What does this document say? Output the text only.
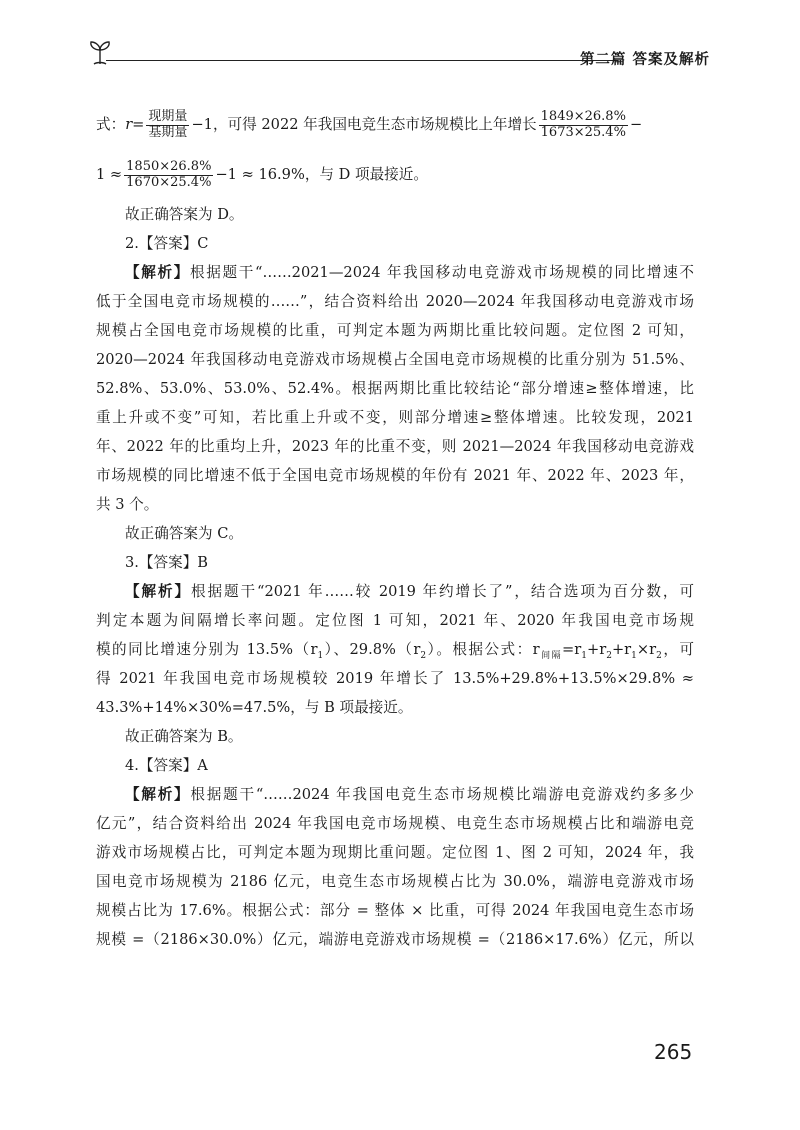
第二篇 答案及解析
式：$r= \frac{\text{现期量}}{\text{基期量}} -1$，可得 2022 年我国电竞生态市场规模比上年增长 $\frac{1849\times 26.8\%}{1673\times 25.4\%}$ −
$1 \approx \frac{1850\times 26.8\%}{1670\times 25.4\%} -1 \approx 16.9\%$，与 D 项最接近。
故正确答案为 D。
2.【答案】C
【解析】根据题干“……2021—2024 年我国移动电竞游戏市场规模的同比增速不
低于全国电竞市场规模的……”，结合资料给出 2020—2024 年我国移动电竞游戏市场
规模占全国电竞市场规模的比重，可判定本题为两期比重比较问题。定位图 2 可知，
2020—2024 年我国移动电竞游戏市场规模占全国电竞市场规模的比重分别为 51.5%、
52.8%、53.0%、53.0%、52.4%。根据两期比重比较结论“部分增速≥整体增速，比
重上升或不变”可知，若比重上升或不变，则部分增速≥整体增速。比较发现，2021
年、2022 年的比重均上升，2023 年的比重不变，则 2021—2024 年我国移动电竞游戏
市场规模的同比增速不低于全国电竞市场规模的年份有 2021 年、2022 年、2023 年，
共 3 个。
故正确答案为 C。
3.【答案】B
【解析】根据题干“2021 年……较 2019 年约增长了”，结合选项为百分数，可
判定本题为间隔增长率问题。定位图 1 可知，2021 年、2020 年我国电竞市场规
模的同比增速分别为 $13.5\%(r_1)$、$29.8\%(r_2)$。根据公式：$r_{间隔}=r_1+r_2+r_1\times r_2$，可
得 2021 年我国电竞市场规模较 2019 年增长了 13.5%+29.8%+13.5%×29.8% ≈
43.3%+14%×30%=47.5%，与 B 项最接近。
故正确答案为 B。
4.【答案】A
【解析】根据题干“……2024 年我国电竞生态市场规模比端游电竞游戏约多多少
亿元”，结合资料给出 2024 年我国电竞市场规模、电竞生态市场规模占比和端游电竞
游戏市场规模占比，可判定本题为现期比重问题。定位图 1、图 2 可知，2024 年，我
国电竞市场规模为 2186 亿元，电竞生态市场规模占比为 30.0%，端游电竞游戏市场
规模占比为 17.6%。根据公式：部分 = 整体 × 比重，可得 2024 年我国电竞生态市场
规模 =（2186×30.0%）亿元，端游电竞游戏市场规模 =（2186×17.6%）亿元，所以
265
